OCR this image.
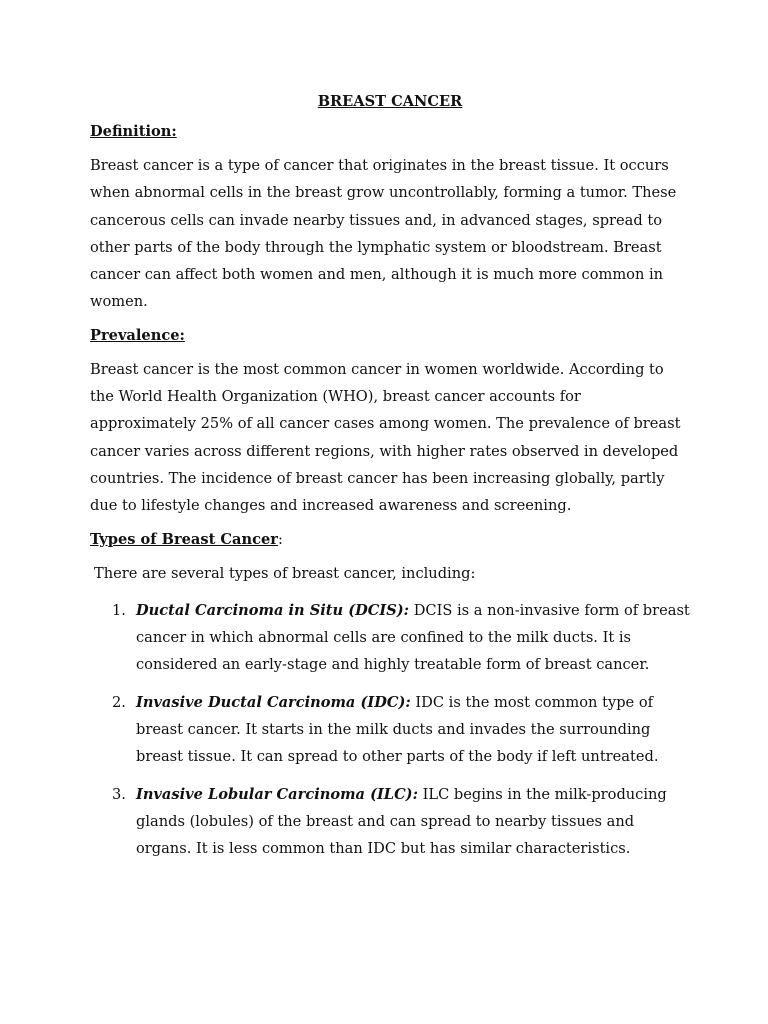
BREAST CANCER
Definition:

Breast cancer is a type of cancer that originates in the breast tissue. It occurs when abnormal cells in the breast grow uncontrollably, forming a tumor. These cancerous cells can invade nearby tissues and, in advanced stages, spread to other parts of the body through the lymphatic system or bloodstream. Breast cancer can affect both women and men, although it is much more common in women.

Prevalence:

Breast cancer is the most common cancer in women worldwide. According to the World Health Organization (WHO), breast cancer accounts for approximately 25% of all cancer cases among women. The prevalence of breast cancer varies across different regions, with higher rates observed in developed countries. The incidence of breast cancer has been increasing globally, partly due to lifestyle changes and increased awareness and screening.

Types of Breast Cancer:

There are several types of breast cancer, including:

1. Ductal Carcinoma in Situ (DCIS): DCIS is a non-invasive form of breast cancer in which abnormal cells are confined to the milk ducts. It is considered an early-stage and highly treatable form of breast cancer.
2. Invasive Ductal Carcinoma (IDC): IDC is the most common type of breast cancer. It starts in the milk ducts and invades the surrounding breast tissue. It can spread to other parts of the body if left untreated.
3. Invasive Lobular Carcinoma (ILC): ILC begins in the milk-producing glands (lobules) of the breast and can spread to nearby tissues and organs. It is less common than IDC but has similar characteristics.
